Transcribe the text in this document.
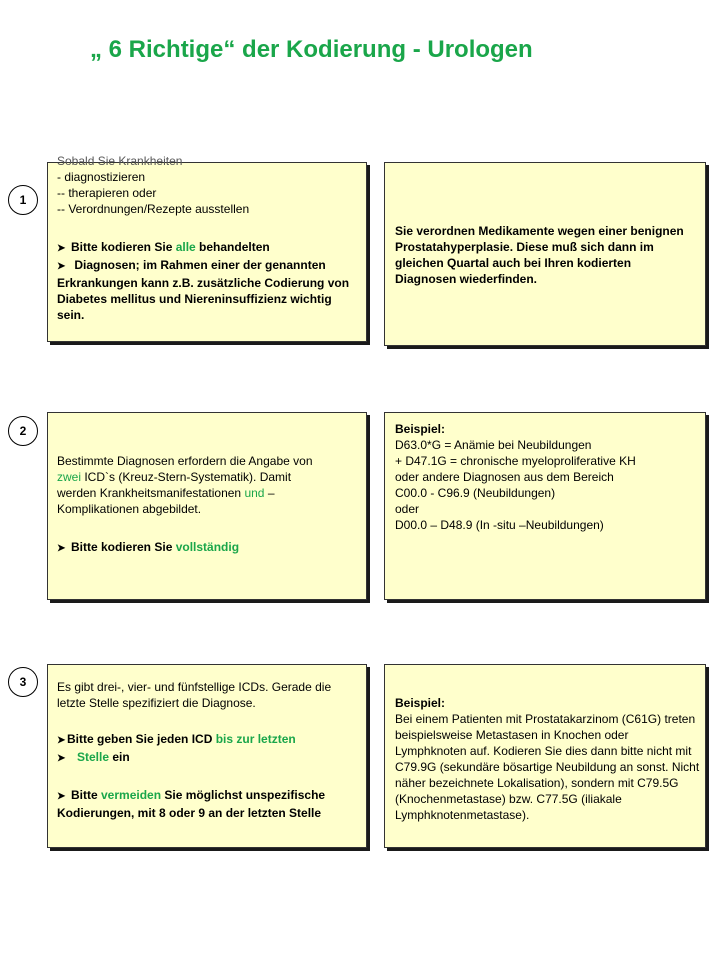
„ 6 Richtige“ der Kodierung - Urologen
1
Sobald Sie Krankheiten
- diagnostizieren
-- therapieren oder
-- Verordnungen/Rezepte ausstellen
➤ Bitte kodieren Sie alle behandelten
➤ Diagnosen; im Rahmen einer der genannten Erkrankungen kann z.B. zusätzliche Codierung von Diabetes mellitus und Niereninsuffizienz wichtig sein.
Sie verordnen Medikamente wegen einer benignen Prostatahyperplasie. Diese muß sich dann im gleichen Quartal auch bei Ihren kodierten Diagnosen wiederfinden.
2
Bestimmte Diagnosen erfordern die Angabe von
zwei ICD`s (Kreuz-Stern-Systematik). Damit
werden Krankheitsmanifestationen und –
Komplikationen abgebildet.
➤ Bitte kodieren Sie vollständig
Beispiel:
D63.0*G = Anämie bei Neubildungen
+ D47.1G = chronische myeloproliferative KH
oder andere Diagnosen aus dem Bereich
C00.0 - C96.9 (Neubildungen)
oder
D00.0 – D48.9 (In -situ –Neubildungen)
3	Es gibt drei-, vier- und fünfstellige ICDs. Gerade die letzte Stelle spezifiziert die Diagnose.
➤ Bitte geben Sie jeden ICD bis zur letzten
➤ Stelle ein
➤ Bitte vermeiden Sie möglichst unspezifische Kodierungen, mit 8 oder 9 an der letzten Stelle
Beispiel:
Bei einem Patienten mit Prostatakarzinom (C61G) treten beispielsweise Metastasen in Knochen oder Lymphknoten auf. Kodieren Sie dies dann bitte nicht mit C79.9G (sekundäre bösartige Neubildung an sonst. Nicht näher bezeichnete Lokalisation), sondern mit C79.5G (Knochenmetastase) bzw. C77.5G (iliakale Lymphknotenmetastase).
